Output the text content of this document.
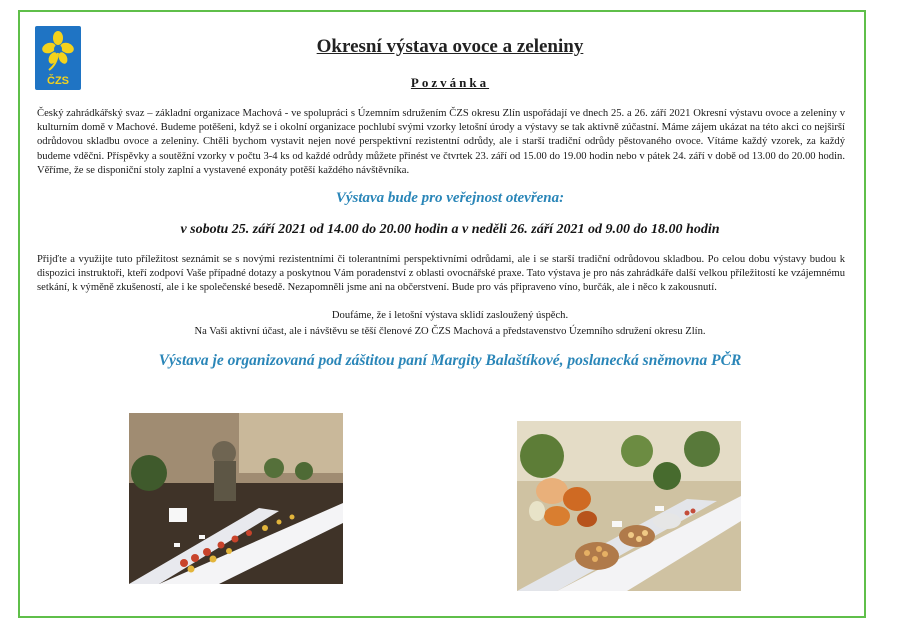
ČZS
Okresní výstava ovoce a zeleniny
Pozvánka
Český zahrádkářský svaz – základní organizace Machová - ve spolupráci s Územním sdružením ČZS okresu Zlín uspořádají ve dnech 25. a 26. září 2021 Okresní výstavu ovoce a zeleniny v kulturním domě v Machové. Budeme potěšeni, když se i okolní organizace pochlubí svými vzorky letošní úrody a výstavy se tak aktivně zúčastní. Máme zájem ukázat na této akci co nejširší odrůdovou skladbu ovoce a zeleniny. Chtěli bychom vystavit nejen nové perspektivní rezistentní odrůdy, ale i starší tradiční odrůdy pěstovaného ovoce. Vítáme každý vzorek, za každý budeme vděčni. Příspěvky a soutěžní vzorky v počtu 3-4 ks od každé odrůdy můžete přinést ve čtvrtek 23. září od 15.00 do 19.00 hodin nebo v pátek 24. září v době od 13.00 do 20.00 hodin. Věříme, že se disponiční stoly zaplní a vystavené exponáty potěší každého návštěvníka.
Výstava bude pro veřejnost otevřena:
v sobotu 25. září 2021 od 14.00 do 20.00 hodin a v neděli 26. září 2021 od 9.00 do 18.00 hodin
Přijďte a využijte tuto příležitost seznámit se s novými rezistentními či tolerantními perspektivními odrůdami, ale i se starší tradiční odrůdovou skladbou. Po celou dobu výstavy budou k dispozici instruktoři, kteří zodpoví Vaše případné dotazy a poskytnou Vám poradenství z oblasti ovocnářské praxe. Tato výstava je pro nás zahrádkáře další velkou příležitostí ke vzájemnému setkání, k výměně zkušeností, ale i ke společenské besedě. Nezapomněli jsme ani na občerstvení. Bude pro vás připraveno víno, burčák, ale i něco k zakousnutí.
Doufáme, že i letošní výstava sklidí zasloužený úspěch.
Na Vaši aktivní účast, ale i návštěvu se těší členové ZO ČZS Machová a představenstvo Územního sdružení okresu Zlín.
Výstava je organizovaná pod záštitou paní Margity Balaštíkové, poslanecká sněmovna PČR
